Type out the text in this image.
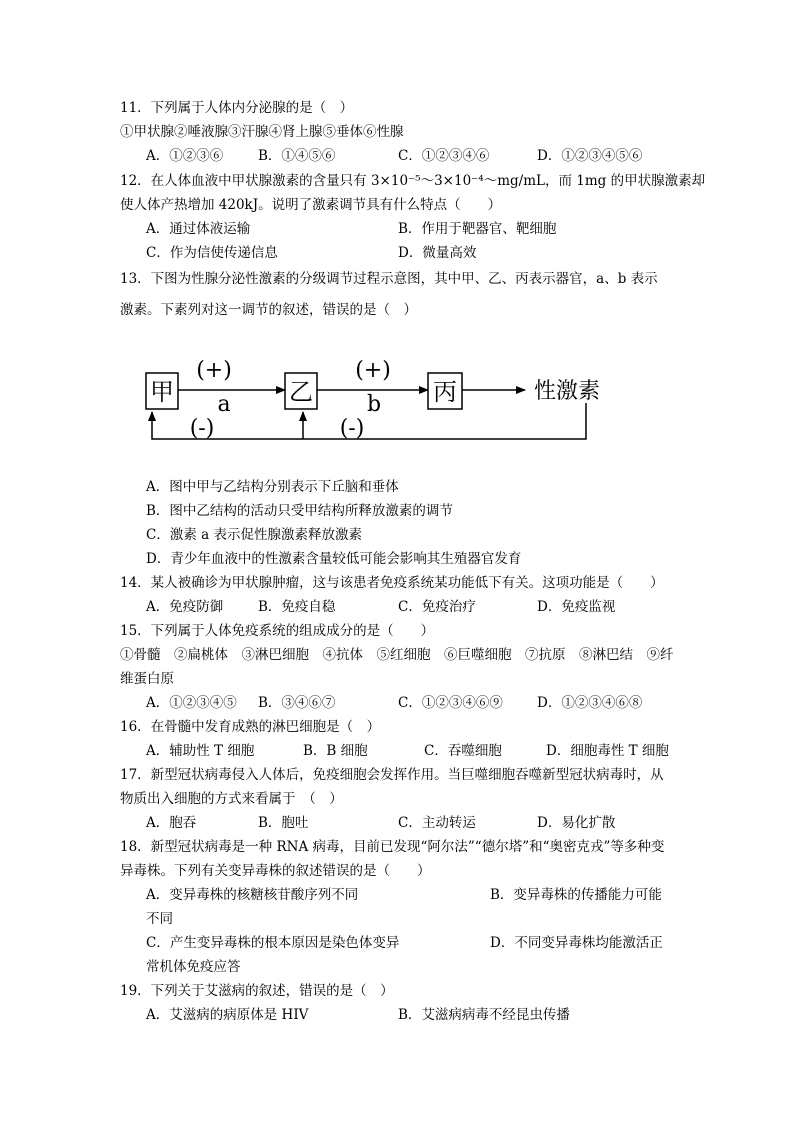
11．下列属于人体内分泌腺的是（　）
①甲状腺②唾液腺③汗腺④肾上腺⑤垂体⑥性腺
A．①②③⑥	B．①④⑤⑥	C．①②③④⑥	D．①②③④⑤⑥
12．在人体血液中甲状腺激素的含量只有 3×10⁻⁵～3×10⁻⁴～mg/mL，而 1mg 的甲状腺激素却
使人体产热增加 420kJ。说明了激素调节具有什么特点（　　）
A．通过体液运输	B．作用于靶器官、靶细胞
C．作为信使传递信息	D．微量高效
13．下图为性腺分泌性激素的分级调节过程示意图，其中甲、乙、丙表示器官，a、b 表示
激素。下素列对这一调节的叙述，错误的是（　）
甲	乙	丙
(+)
a
(+)
b
性激素
(-)	(-)
A．图中甲与乙结构分别表示下丘脑和垂体
B．图中乙结构的活动只受甲结构所释放激素的调节
C．激素 a 表示促性腺激素释放激素
D．青少年血液中的性激素含量较低可能会影响其生殖器官发育
14．某人被确诊为甲状腺肿瘤，这与该患者免疫系统某功能低下有关。这项功能是（　　）
A．免疫防御	B．免疫自稳	C．免疫治疗	D．免疫监视
15．下列属于人体免疫系统的组成成分的是（　　）
①骨髓　②扁桃体　③淋巴细胞　④抗体　⑤红细胞　⑥巨噬细胞　⑦抗原　⑧淋巴结　⑨纤
维蛋白原
A．①②③④⑤ B．③④⑥⑦	C．①②③④⑥⑨	D．①②③④⑥⑧
16．在骨髓中发育成熟的淋巴细胞是（　）
A．辅助性 T 细胞	B．B 细胞	C．吞噬细胞	D．细胞毒性 T 细胞
17．新型冠状病毒侵入人体后，免疫细胞会发挥作用。当巨噬细胞吞噬新型冠状病毒时，从
物质出入细胞的方式来看属于　（　）
A．胞吞	B．胞吐	C．主动转运	D．易化扩散
18．新型冠状病毒是一种 RNA 病毒，目前已发现“阿尔法”“德尔塔”和“奥密克戎”等多种变
异毒株。下列有关变异毒株的叙述错误的是（　　）
A．变异毒株的核糖核苷酸序列不同	B．变异毒株的传播能力可能
不同
C．产生变异毒株的根本原因是染色体变异	D．不同变异毒株均能激活正
常机体免疫应答
19．下列关于艾滋病的叙述，错误的是（　）
A．艾滋病的病原体是 HIV	B．艾滋病病毒不经昆虫传播
